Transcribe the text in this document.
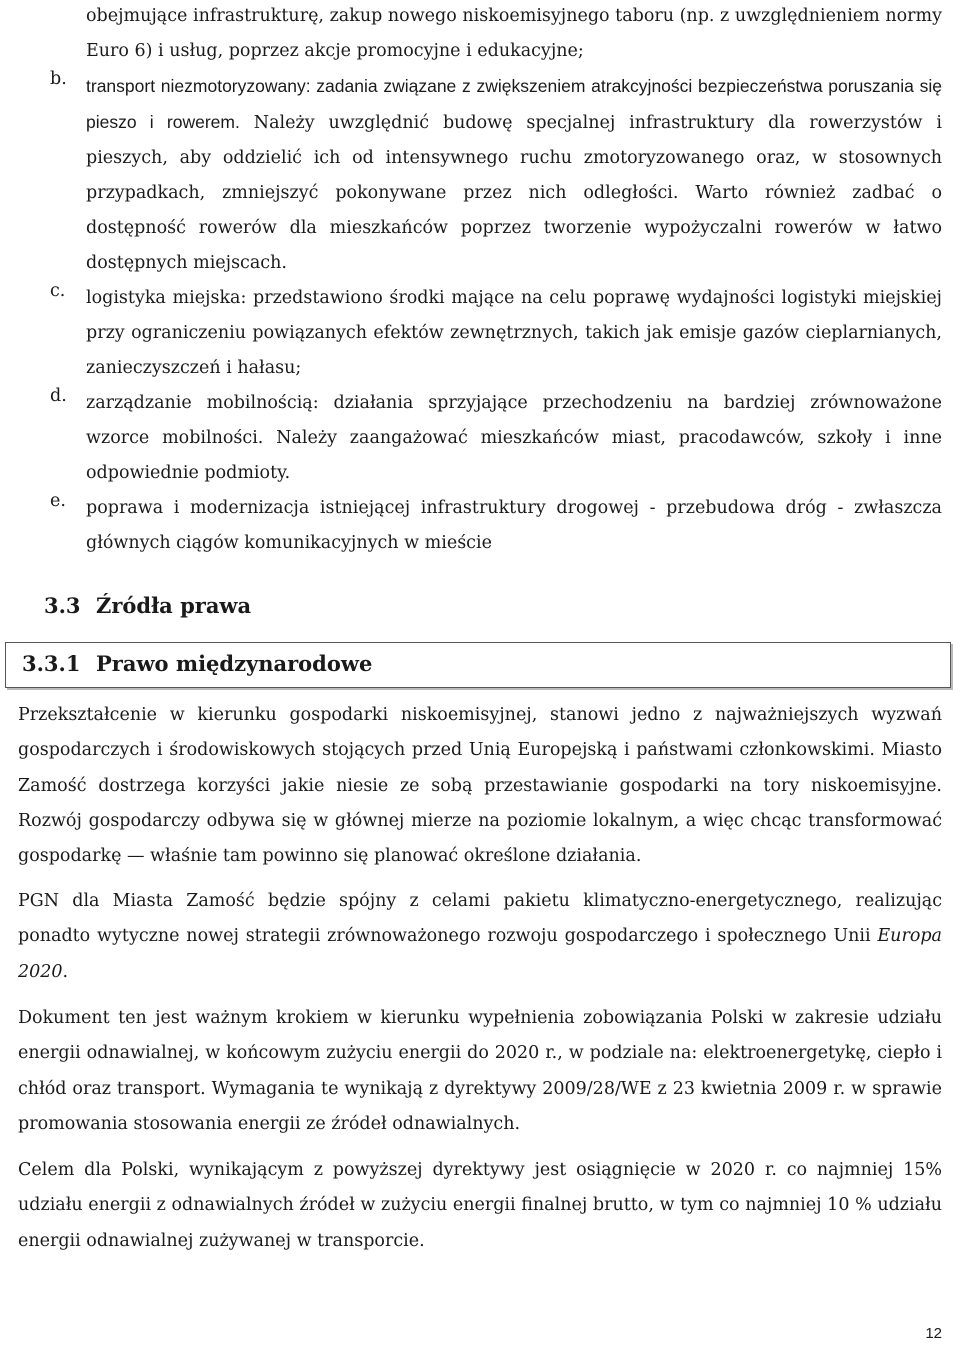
obejmujące infrastrukturę, zakup nowego niskoemisyjnego taboru (np. z uwzględnieniem normy Euro 6) i usług, poprzez akcje promocyjne i edukacyjne;
b. transport niezmotoryzowany: zadania związane z zwiększeniem atrakcyjności bezpieczeństwa poruszania się pieszo i rowerem. Należy uwzględnić budowę specjalnej infrastruktury dla rowerzystów i pieszych, aby oddzielić ich od intensywnego ruchu zmotoryzowanego oraz, w stosownych przypadkach, zmniejszyć pokonywane przez nich odległości. Warto również zadbać o dostępność rowerów dla mieszkańców poprzez tworzenie wypożyczalni rowerów w łatwo dostępnych miejscach.
c. logistyka miejska: przedstawiono środki mające na celu poprawę wydajności logistyki miejskiej przy ograniczeniu powiązanych efektów zewnętrznych, takich jak emisje gazów cieplarnianych, zanieczyszczeń i hałasu;
d. zarządzanie mobilnością: działania sprzyjające przechodzeniu na bardziej zrównoważone wzorce mobilności. Należy zaangażować mieszkańców miast, pracodawców, szkoły i inne odpowiednie podmioty.
e. poprawa i modernizacja istniejącej infrastruktury drogowej - przebudowa dróg - zwłaszcza głównych ciągów komunikacyjnych w mieście
3.3 Źródła prawa
3.3.1 Prawo międzynarodowe

Przekształcenie w kierunku gospodarki niskoemisyjnej, stanowi jedno z najważniejszych wyzwań gospodarczych i środowiskowych stojących przed Unią Europejską i państwami członkowskimi. Miasto Zamość dostrzega korzyści jakie niesie ze sobą przestawianie gospodarki na tory niskoemisyjne. Rozwój gospodarczy odbywa się w głównej mierze na poziomie lokalnym, a więc chcąc transformować gospodarkę — właśnie tam powinno się planować określone działania.

PGN dla Miasta Zamość będzie spójny z celami pakietu klimatyczno-energetycznego, realizując ponadto wytyczne nowej strategii zrównoważonego rozwoju gospodarczego i społecznego Unii Europa 2020.

Dokument ten jest ważnym krokiem w kierunku wypełnienia zobowiązania Polski w zakresie udziału energii odnawialnej, w końcowym zużyciu energii do 2020 r., w podziale na: elektroenergetykę, ciepło i chłód oraz transport. Wymagania te wynikają z dyrektywy 2009/28/WE z 23 kwietnia 2009 r. w sprawie promowania stosowania energii ze źródeł odnawialnych.

Celem dla Polski, wynikającym z powyższej dyrektywy jest osiągnięcie w 2020 r. co najmniej 15% udziału energii z odnawialnych źródeł w zużyciu energii finalnej brutto, w tym co najmniej 10 % udziału energii odnawialnej zużywanej w transporcie.

12
